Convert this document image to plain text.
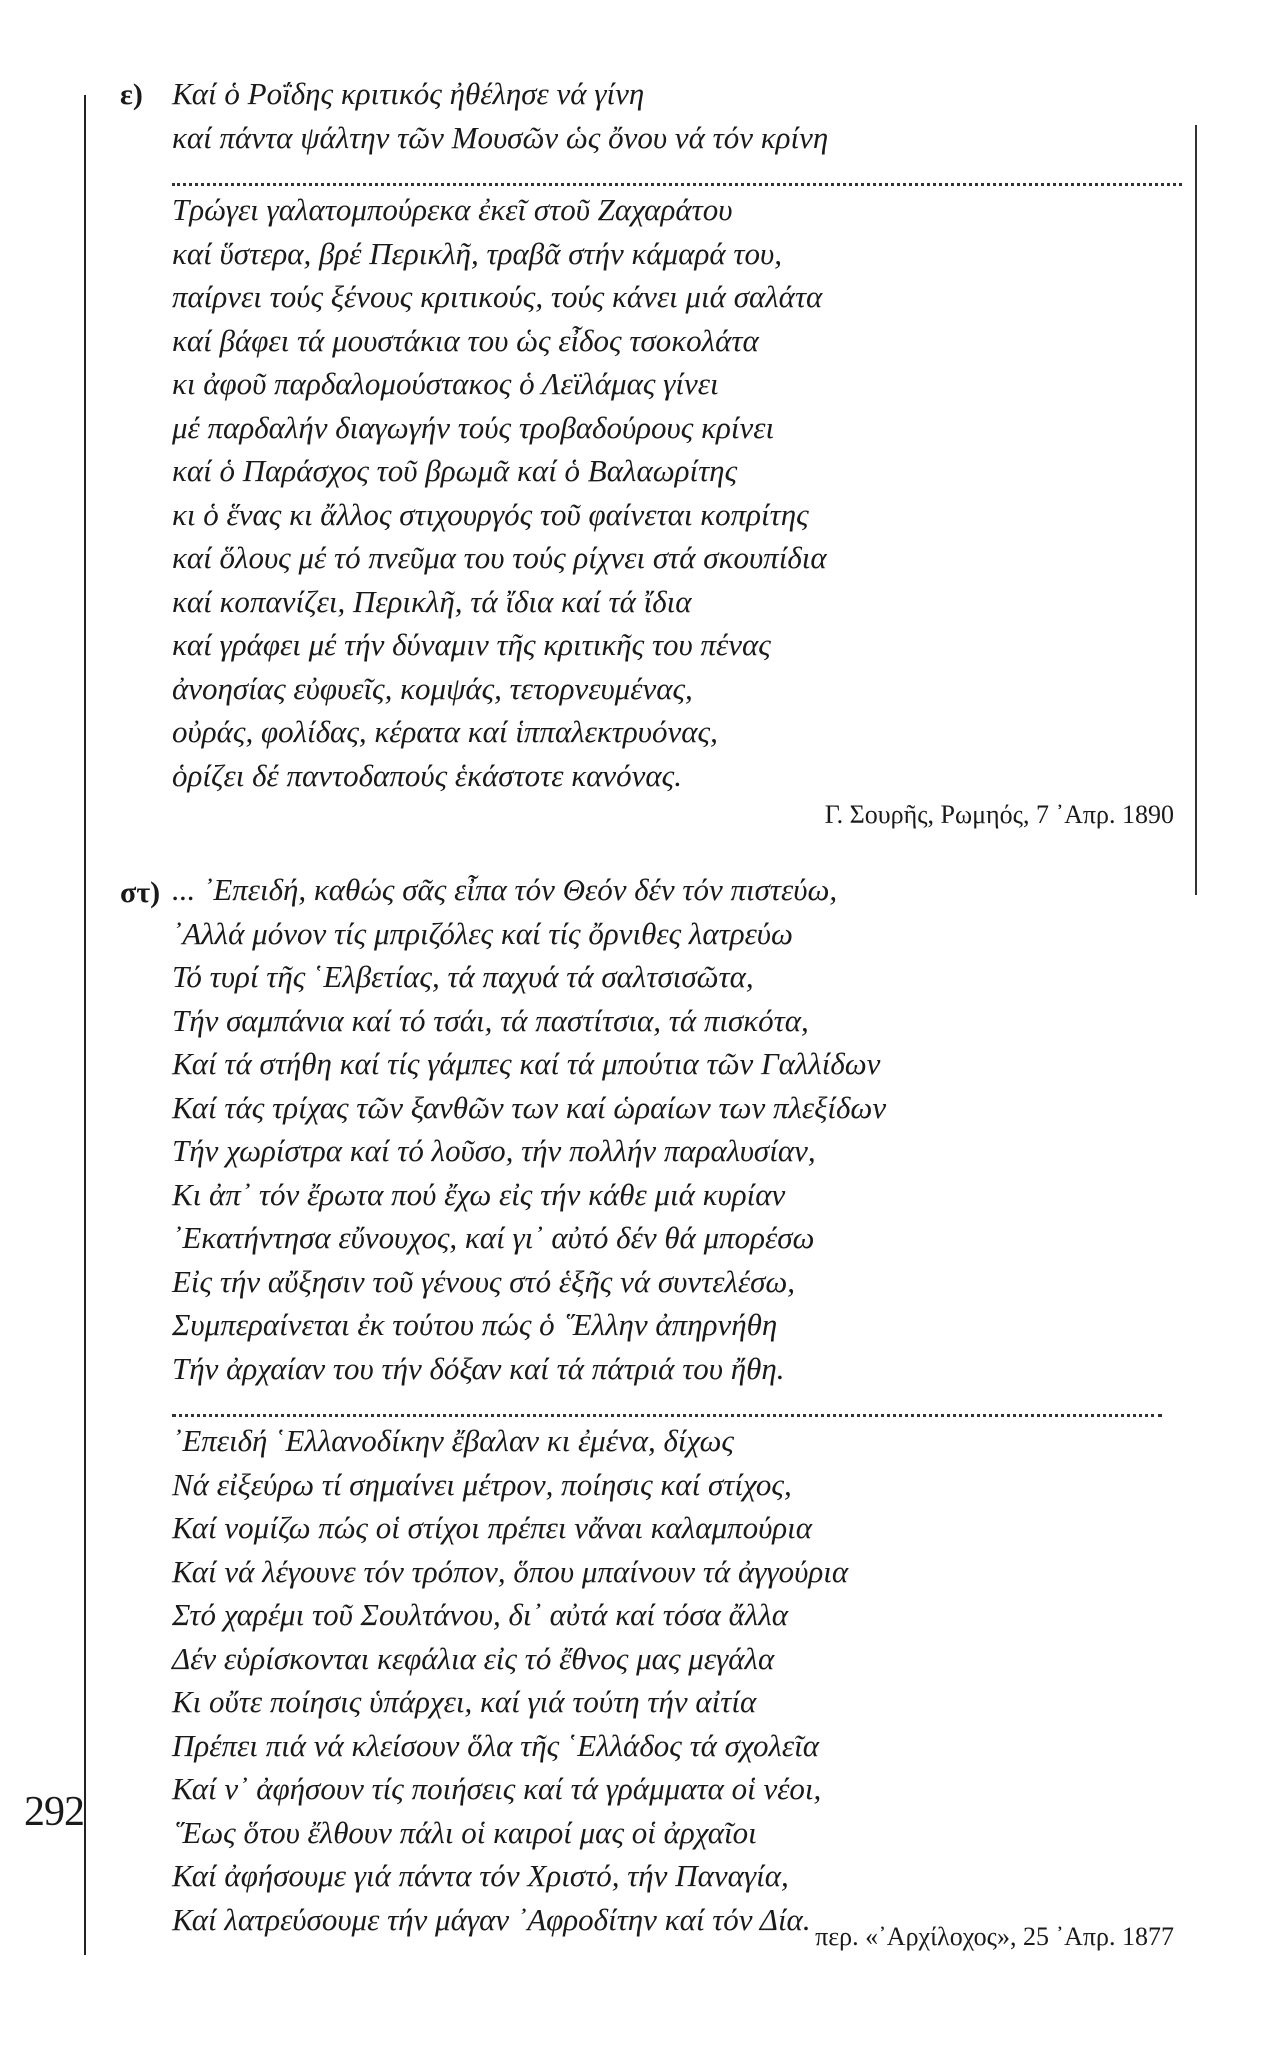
292
ε) Καί ὁ Ροΐδης κριτικός ἠθέλησε νά γίνη
καί πάντα ψάλτην τῶν Μουσῶν ὡς ὄνου νά τόν κρίνη
Τρώγει γαλατομπούρεκα ἐκεῖ στοῦ Ζαχαράτου
καί ὕστερα, βρέ Περικλῆ, τραβᾶ στήν κάμαρά του,
παίρνει τούς ξένους κριτικούς, τούς κάνει μιά σαλάτα
καί βάφει τά μουστάκια του ὡς εἶδος τσοκολάτα
κι ἀφοῦ παρδαλομούστακος ὁ Λεϊλάμας γίνει
μέ παρδαλήν διαγωγήν τούς τροβαδούρους κρίνει
καί ὁ Παράσχος τοῦ βρωμᾶ καί ὁ Βαλαωρίτης
κι ὁ ἕνας κι ἄλλος στιχουργός τοῦ φαίνεται κοπρίτης
καί ὅλους μέ τό πνεῦμα του τούς ρίχνει στά σκουπίδια
καί κοπανίζει, Περικλῆ, τά ἴδια καί τά ἴδια
καί γράφει μέ τήν δύναμιν τῆς κριτικῆς του πένας
ἀνοησίας εὐφυεῖς, κομψάς, τετορνευμένας,
οὐράς, φολίδας, κέρατα καί ἱππαλεκτρυόνας,
ὁρίζει δέ παντοδαπούς ἑκάστοτε κανόνας.
Γ. Σουρῆς, Ρωμηός, 7 ᾿Απρ. 1890
στ) ... ᾿Επειδή, καθώς σᾶς εἶπα τόν Θεόν δέν τόν πιστεύω,
᾿Αλλά μόνον τίς μπριζόλες καί τίς ὄρνιθες λατρεύω
Τό τυρί τῆς ῾Ελβετίας, τά παχυά τά σαλτσισῶτα,
Τήν σαμπάνια καί τό τσάι, τά παστίτσια, τά πισκότα,
Καί τά στήθη καί τίς γάμπες καί τά μπούτια τῶν Γαλλίδων
Καί τάς τρίχας τῶν ξανθῶν των καί ὡραίων των πλεξίδων
Τήν χωρίστρα καί τό λοῦσο, τήν πολλήν παραλυσίαν,
Κι ἀπ᾿ τόν ἔρωτα πού ἔχω εἰς τήν κάθε μιά κυρίαν
᾿Εκατήντησα εὔνουχος, καί γι᾿ αὐτό δέν θά μπορέσω
Εἰς τήν αὔξησιν τοῦ γένους στό ἑξῆς νά συντελέσω,
Συμπεραίνεται ἐκ τούτου πώς ὁ ῞Ελλην ἀπηρνήθη
Τήν ἀρχαίαν του τήν δόξαν καί τά πάτριά του ἤθη.
᾿Επειδή ῾Ελλανοδίκην ἔβαλαν κι ἐμένα, δίχως
Νά εἰξεύρω τί σημαίνει μέτρον, ποίησις καί στίχος,
Καί νομίζω πώς οἱ στίχοι πρέπει νἄναι καλαμπούρια
Καί νά λέγουνε τόν τρόπον, ὅπου μπαίνουν τά ἀγγούρια
Στό χαρέμι τοῦ Σουλτάνου, δι᾿ αὐτά καί τόσα ἄλλα
Δέν εὑρίσκονται κεφάλια εἰς τό ἔθνος μας μεγάλα
Κι οὔτε ποίησις ὑπάρχει, καί γιά τούτη τήν αἰτία
Πρέπει πιά νά κλείσουν ὅλα τῆς ῾Ελλάδος τά σχολεῖα
Καί ν᾿ ἀφήσουν τίς ποιήσεις καί τά γράμματα οἱ νέοι,
῞Εως ὅτου ἔλθουν πάλι οἱ καιροί μας οἱ ἀρχαῖοι
Καί ἀφήσουμε γιά πάντα τόν Χριστό, τήν Παναγία,
Καί λατρεύσουμε τήν μάγαν ᾿Αφροδίτην καί τόν Δία. περ. «᾿Αρχίλοχος», 25 ᾿Απρ. 1877
